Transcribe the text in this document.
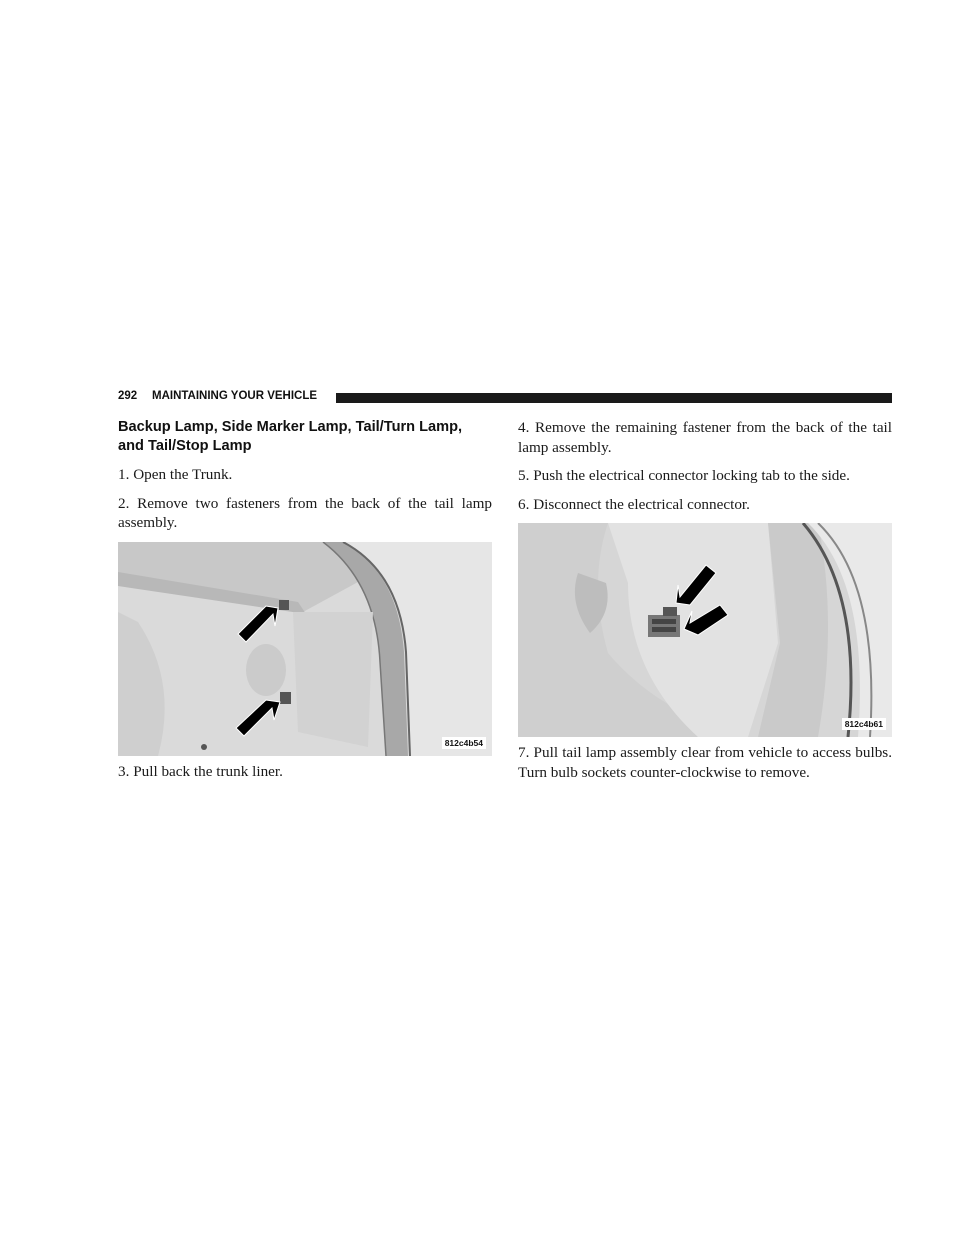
292 MAINTAINING YOUR VEHICLE
Backup Lamp, Side Marker Lamp, Tail/Turn Lamp, and Tail/Stop Lamp

1. Open the Trunk.

2. Remove two fasteners from the back of the tail lamp assembly.

812c4b54

3. Pull back the trunk liner.

4. Remove the remaining fastener from the back of the tail lamp assembly.

5. Push the electrical connector locking tab to the side.

6. Disconnect the electrical connector.

812c4b61

7. Pull tail lamp assembly clear from vehicle to access bulbs. Turn bulb sockets counter-clockwise to remove.
